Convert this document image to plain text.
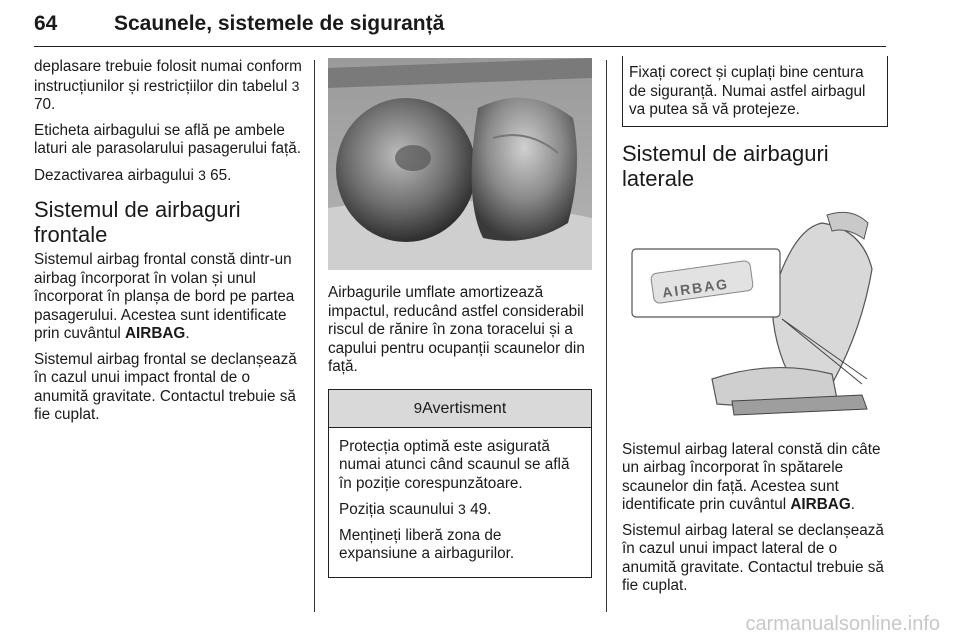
64	Scaunele, sistemele de siguranță

deplasare trebuie folosit numai conform instrucțiunilor și restricțiilor din tabelul 3 70.

Eticheta airbagului se află pe ambele laturi ale parasolarului pasagerului față.

Dezactivarea airbagului 3 65.

Sistemul de airbaguri frontale

Sistemul airbag frontal constă dintr-un airbag încorporat în volan și unul încorporat în planșa de bord pe partea pasagerului. Acestea sunt identificate prin cuvântul AIRBAG.

Sistemul airbag frontal se declanșează în cazul unui impact frontal de o anumită gravitate. Contactul trebuie să fie cuplat.

Airbagurile umflate amortizează impactul, reducând astfel considerabil riscul de rănire în zona toracelui și a capului pentru ocupanții scaunelor din față.

9Avertisment

Protecția optimă este asigurată numai atunci când scaunul se află în poziție corespunzătoare.

Poziția scaunului 3 49.

Mențineți liberă zona de expansiune a airbagurilor.

Fixați corect și cuplați bine centura de siguranță. Numai astfel airbagul va putea să vă protejeze.
Sistemul de airbaguri laterale
AIRBAG

Sistemul airbag lateral constă din câte un airbag încorporat în spătarele scaunelor din față. Acestea sunt identificate prin cuvântul AIRBAG.

Sistemul airbag lateral se declanșează în cazul unui impact lateral de o anumită gravitate. Contactul trebuie să fie cuplat.

carmanualsonline.info
